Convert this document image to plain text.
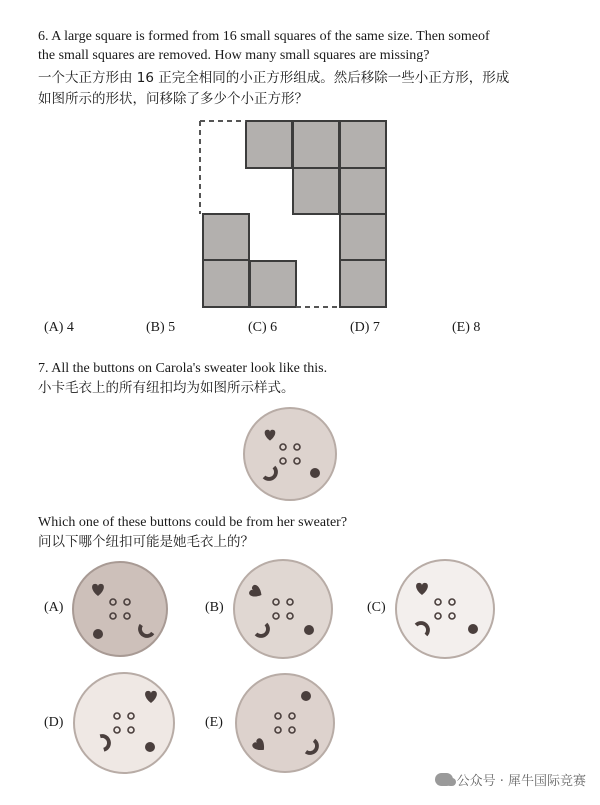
6. A large square is formed from 16 small squares of the same size. Then someof
the small squares are removed. How many small squares are missing?
一个大正方形由 16 正完全相同的小正方形组成。然后移除一些小正方形，形成
如图所示的形状，问移除了多少个小正方形？
(A) 4	(B) 5	(C) 6	(D) 7	(E) 8
7. All the buttons on Carola's sweater look like this.
小卡毛衣上的所有纽扣均为如图所示样式。
Which one of these buttons could be from her sweater?
问以下哪个纽扣可能是她毛衣上的？
(A)	(B)	(C)
(D)	(E)
公众号 · 犀牛国际竞赛
